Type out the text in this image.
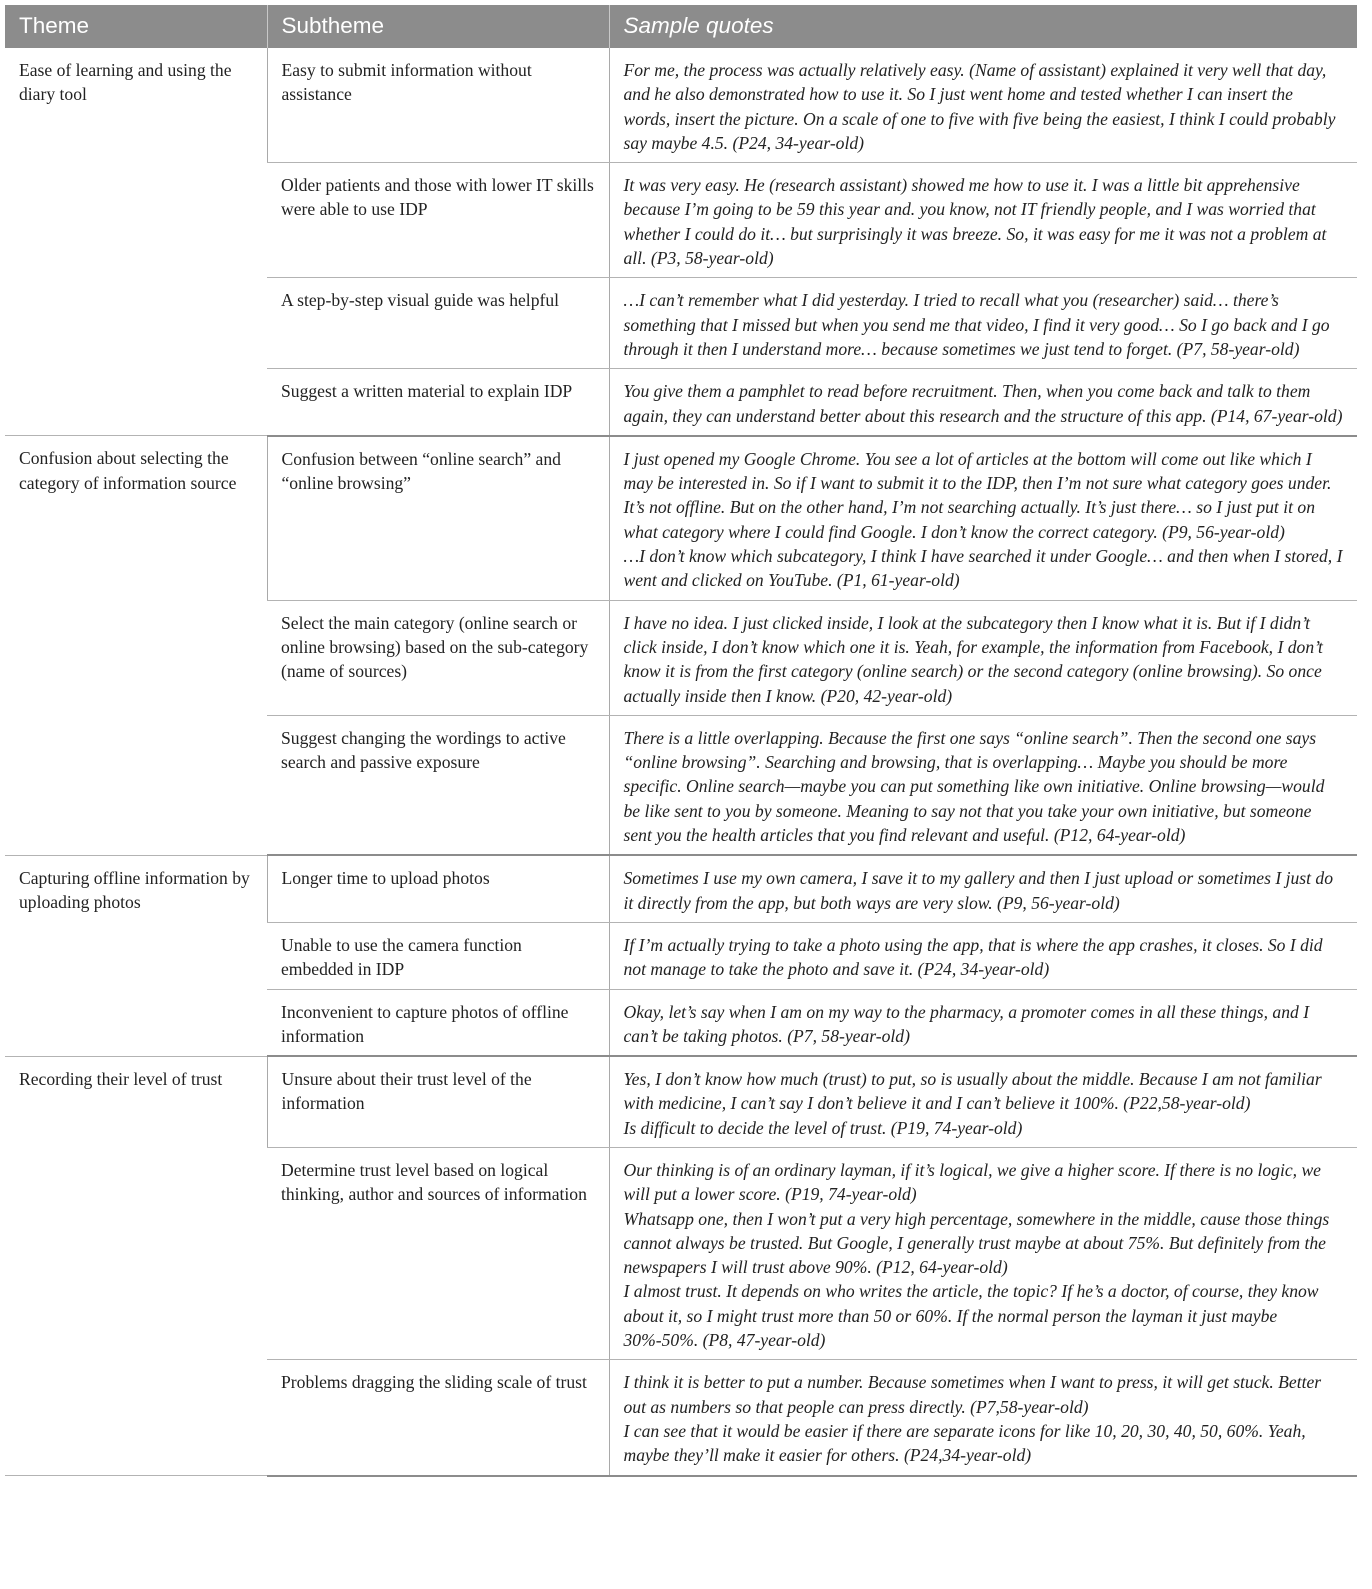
Theme	Subtheme	Sample quotes
Ease of learning and using the diary tool	Easy to submit information without assistance	For me, the process was actually relatively easy. (Name of assistant) explained it very well that day, and he also demonstrated how to use it. So I just went home and tested whether I can insert the words, insert the picture. On a scale of one to five with five being the easiest, I think I could probably say maybe 4.5. (P24, 34-year-old)

	Older patients and those with lower IT skills were able to use IDP	It was very easy. He (research assistant) showed me how to use it. I was a little bit apprehensive because I’m going to be 59 this year and. you know, not IT friendly people, and I was worried that whether I could do it… but surprisingly it was breeze. So, it was easy for me it was not a problem at all. (P3, 58-year-old)

	A step-by-step visual guide was helpful	…I can’t remember what I did yesterday. I tried to recall what you (researcher) said… there’s something that I missed but when you send me that video, I find it very good… So I go back and I go through it then I understand more… because sometimes we just tend to forget. (P7, 58-year-old)

	Suggest a written material to explain IDP	You give them a pamphlet to read before recruitment. Then, when you come back and talk to them again, they can understand better about this research and the structure of this app. (P14, 67-year-old)

Confusion about selecting the category of information source	Confusion between “online search” and “online browsing”	I just opened my Google Chrome. You see a lot of articles at the bottom will come out like which I may be interested in. So if I want to submit it to the IDP, then I’m not sure what category goes under. It’s not offline. But on the other hand, I’m not searching actually. It’s just there… so I just put it on what category where I could find Google. I don’t know the correct category. (P9, 56-year-old)
…I don’t know which subcategory, I think I have searched it under Google… and then when I stored, I went and clicked on YouTube. (P1, 61-year-old)

	Select the main category (online search or online browsing) based on the sub-category (name of sources)	I have no idea. I just clicked inside, I look at the subcategory then I know what it is. But if I didn’t click inside, I don’t know which one it is. Yeah, for example, the information from Facebook, I don’t know it is from the first category (online search) or the second category (online browsing). So once actually inside then I know. (P20, 42-year-old)

	Suggest changing the wordings to active search and passive exposure	There is a little overlapping. Because the first one says “online search”. Then the second one says “online browsing”. Searching and browsing, that is overlapping… Maybe you should be more specific. Online search—maybe you can put something like own initiative. Online browsing—would be like sent to you by someone. Meaning to say not that you take your own initiative, but someone sent you the health articles that you find relevant and useful. (P12, 64-year-old)

Capturing offline information by uploading photos	Longer time to upload photos	Sometimes I use my own camera, I save it to my gallery and then I just upload or sometimes I just do it directly from the app, but both ways are very slow. (P9, 56-year-old)

	Unable to use the camera function embedded in IDP	If I’m actually trying to take a photo using the app, that is where the app crashes, it closes. So I did not manage to take the photo and save it. (P24, 34-year-old)

	Inconvenient to capture photos of offline information	Okay, let’s say when I am on my way to the pharmacy, a promoter comes in all these things, and I can’t be taking photos. (P7, 58-year-old)

Recording their level of trust	Unsure about their trust level of the information	Yes, I don’t know how much (trust) to put, so is usually about the middle. Because I am not familiar with medicine, I can’t say I don’t believe it and I can’t believe it 100%. (P22,58-year-old)
Is difficult to decide the level of trust. (P19, 74-year-old)

	Determine trust level based on logical thinking, author and sources of information	Our thinking is of an ordinary layman, if it’s logical, we give a higher score. If there is no logic, we will put a lower score. (P19, 74-year-old)
Whatsapp one, then I won’t put a very high percentage, somewhere in the middle, cause those things cannot always be trusted. But Google, I generally trust maybe at about 75%. But definitely from the newspapers I will trust above 90%. (P12, 64-year-old)
I almost trust. It depends on who writes the article, the topic? If he’s a doctor, of course, they know about it, so I might trust more than 50 or 60%. If the normal person the layman it just maybe 30%-50%. (P8, 47-year-old)

	Problems dragging the sliding scale of trust	I think it is better to put a number. Because sometimes when I want to press, it will get stuck. Better out as numbers so that people can press directly. (P7,58-year-old)
I can see that it would be easier if there are separate icons for like 10, 20, 30, 40, 50, 60%. Yeah, maybe they’ll make it easier for others. (P24,34-year-old)
